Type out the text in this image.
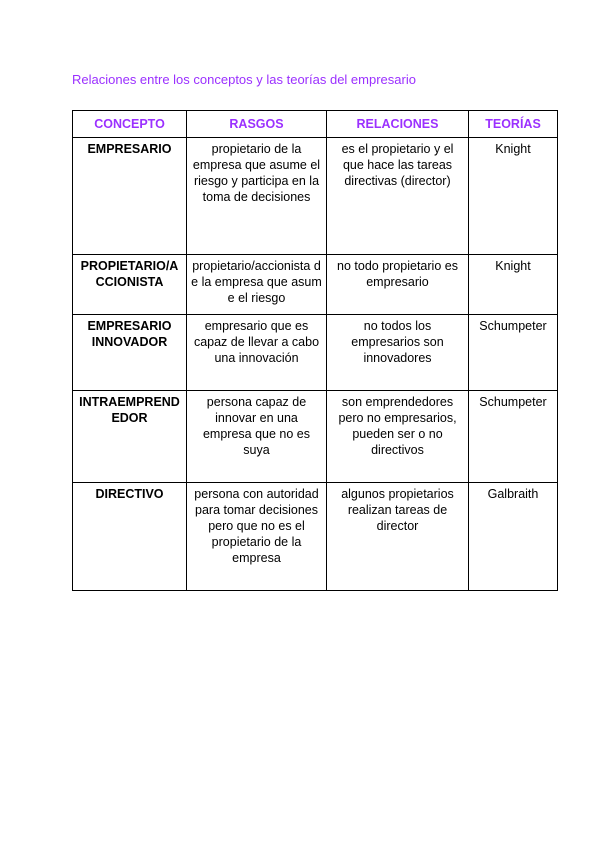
Relaciones entre los conceptos y las teorías del empresario
CONCEPTO	RASGOS	RELACIONES	TEORÍAS
EMPRESARIO	propietario de la empresa que asume el riesgo y participa en la toma de decisiones	es el propietario y el que hace las tareas directivas (director)	Knight
PROPIETARIO/ACCIONISTA	propietario/accionista de la empresa que asume el riesgo	no todo propietario es empresario	Knight
EMPRESARIO INNOVADOR	empresario que es capaz de llevar a cabo una innovación	no todos los empresarios son innovadores	Schumpeter
INTRAEMPRENDEDOR	persona capaz de innovar en una empresa que no es suya	son emprendedores pero no empresarios, pueden ser o no directivos	Schumpeter
DIRECTIVO	persona con autoridad para tomar decisiones pero que no es el propietario de la empresa	algunos propietarios realizan tareas de director	Galbraith
